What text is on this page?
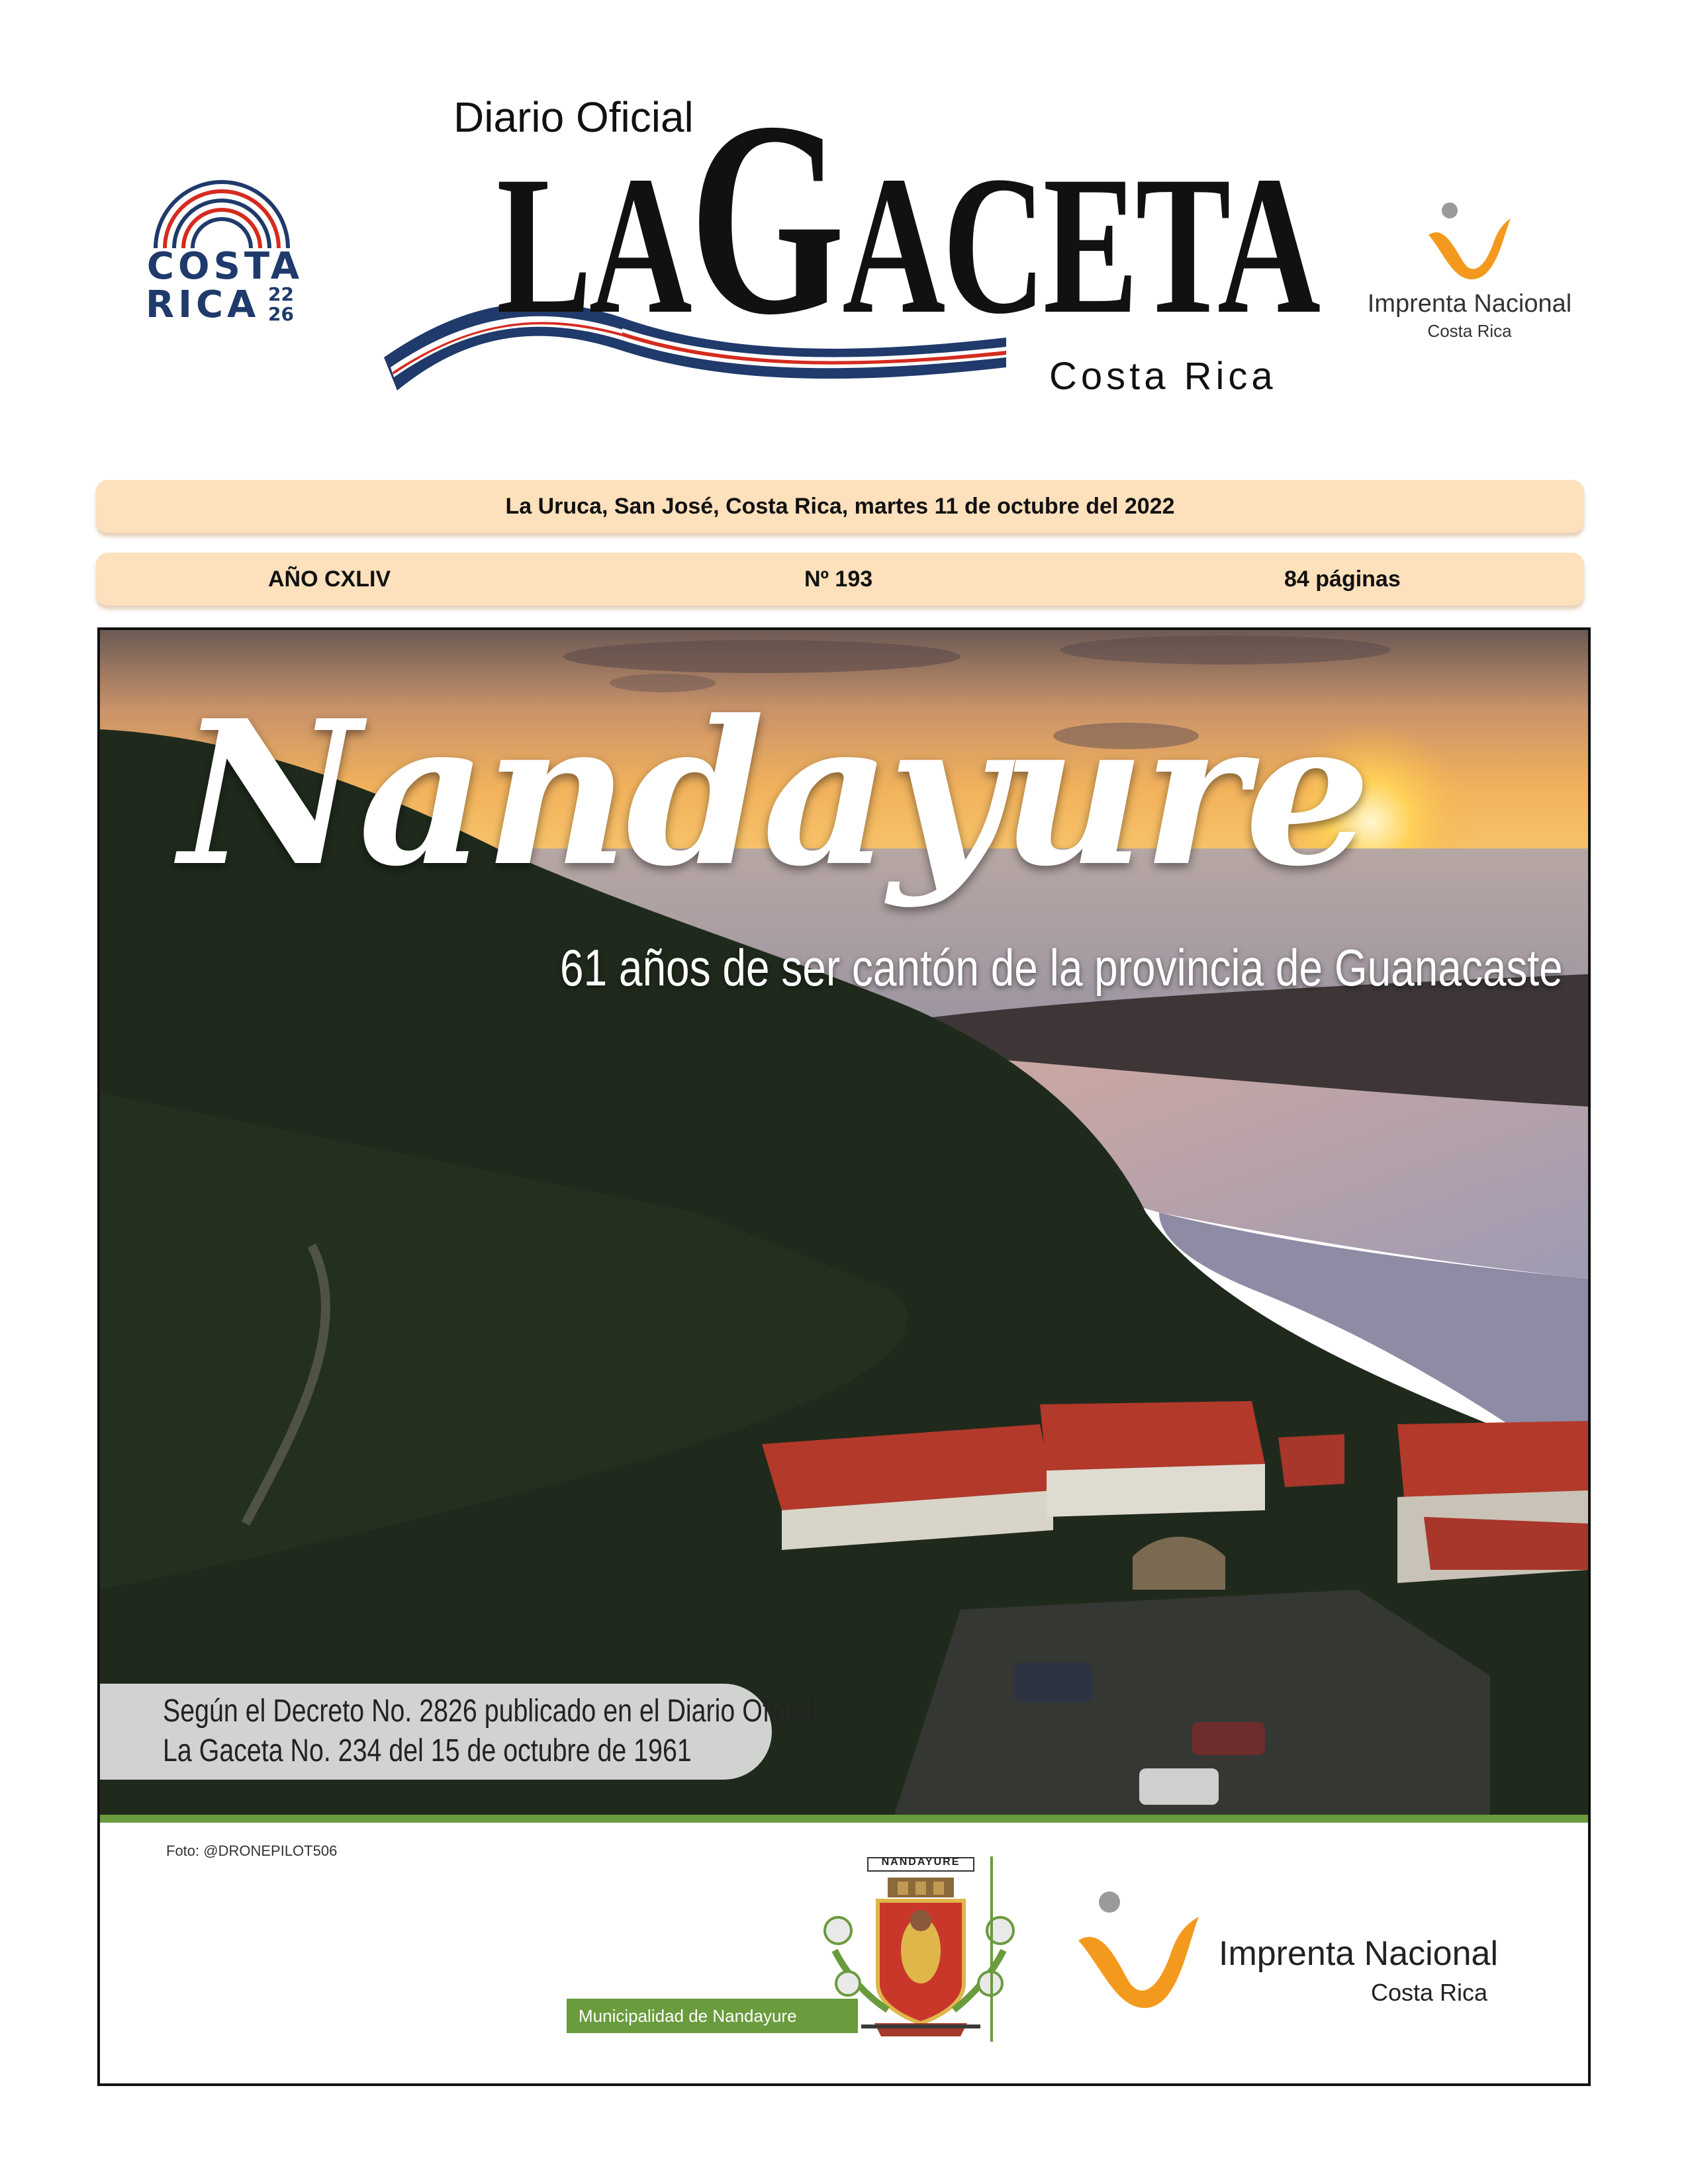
COSTA
RICA 22
26
Diario Oficial
LAGACETA
Costa Rica
Imprenta Nacional
Costa Rica
La Uruca, San José, Costa Rica, martes 11 de octubre del 2022
AÑO CXLIV	Nº 193	84 páginas
Nandayure
61 años de ser cantón de la provincia de Guanacaste
Según el Decreto No. 2826 publicado en el Diario Oficial
La Gaceta No. 234 del 15 de octubre de 1961
Foto: @DRONEPILOT506
NANDAYURE
Municipalidad de Nandayure
Imprenta Nacional
Costa Rica
